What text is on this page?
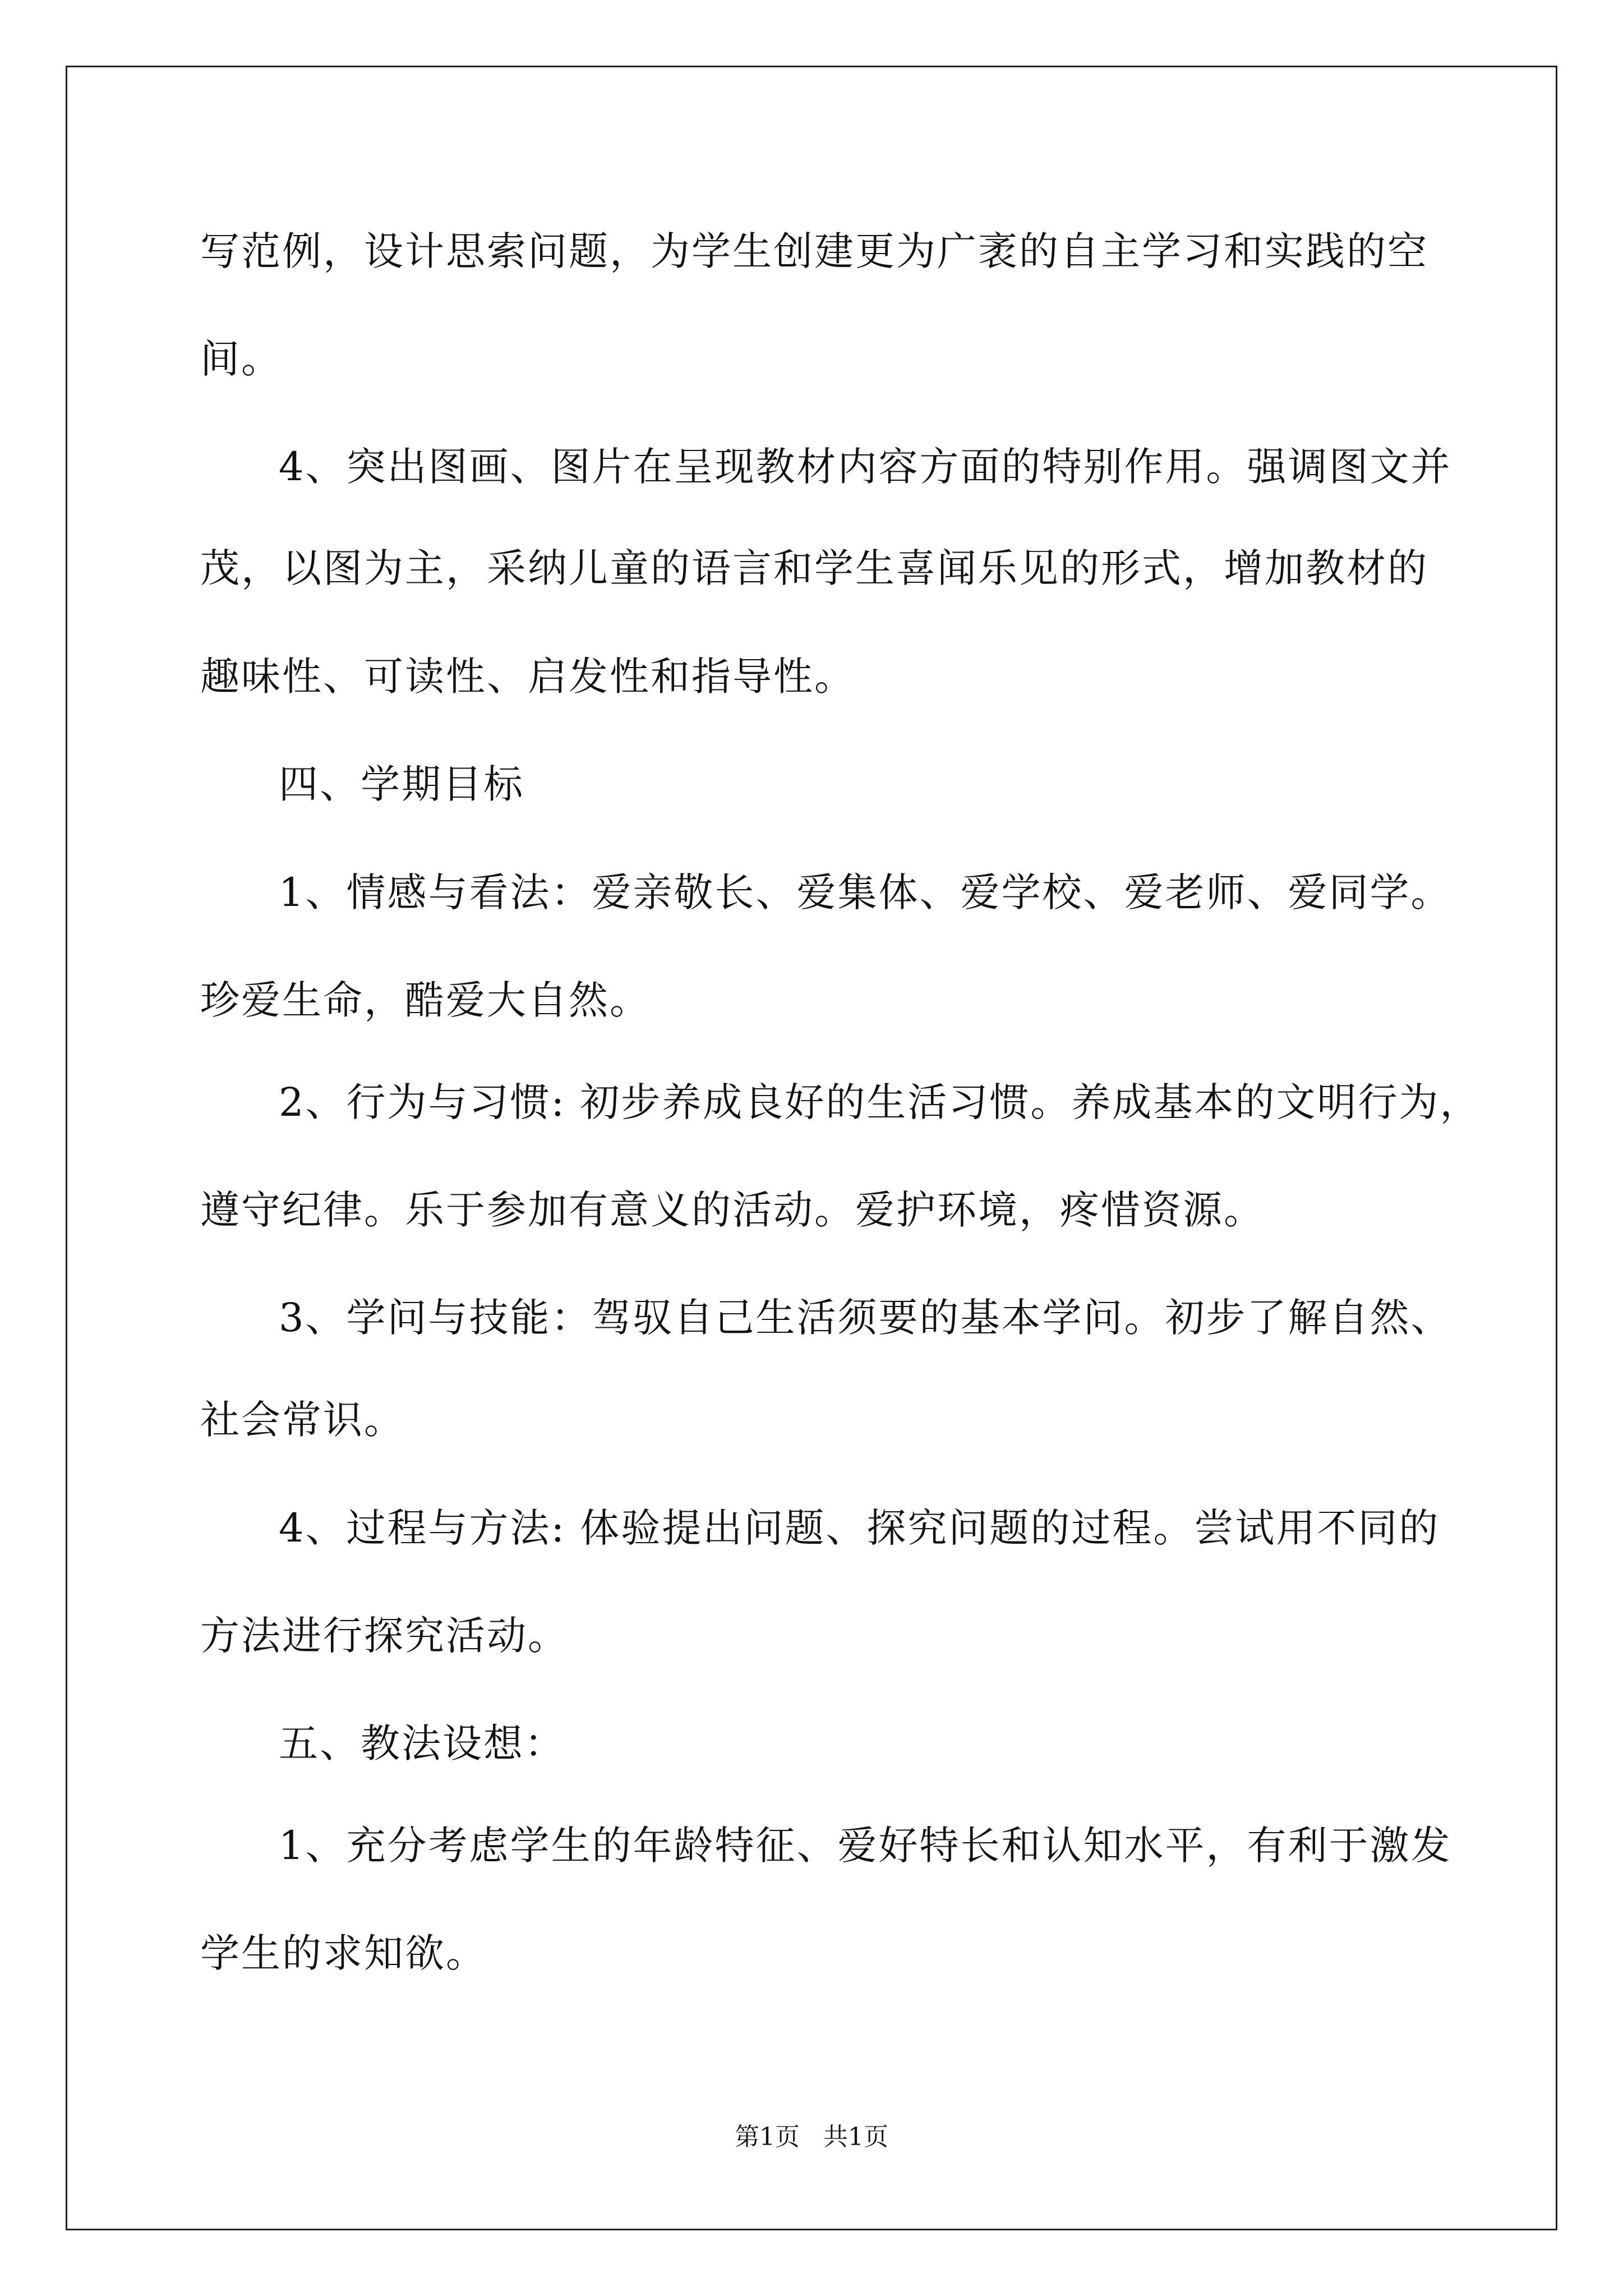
写范例，设计思索问题，为学生创建更为广袤的自主学习和实践的空
间。
4、突出图画、图片在呈现教材内容方面的特别作用。强调图文并
茂，以图为主，采纳儿童的语言和学生喜闻乐见的形式，增加教材的
趣味性、可读性、启发性和指导性。
四、学期目标
1、情感与看法：爱亲敬长、爱集体、爱学校、爱老师、爱同学。
珍爱生命，酷爱大自然。
2、行为与习惯: 初步养成良好的生活习惯。养成基本的文明行为，
遵守纪律。乐于参加有意义的活动。爱护环境，疼惜资源。
3、学问与技能：驾驭自己生活须要的基本学问。初步了解自然、
社会常识。
4、过程与方法: 体验提出问题、探究问题的过程。尝试用不同的
方法进行探究活动。
五、教法设想：
1、充分考虑学生的年龄特征、爱好特长和认知水平，有利于激发
学生的求知欲。
第1页   共1页
